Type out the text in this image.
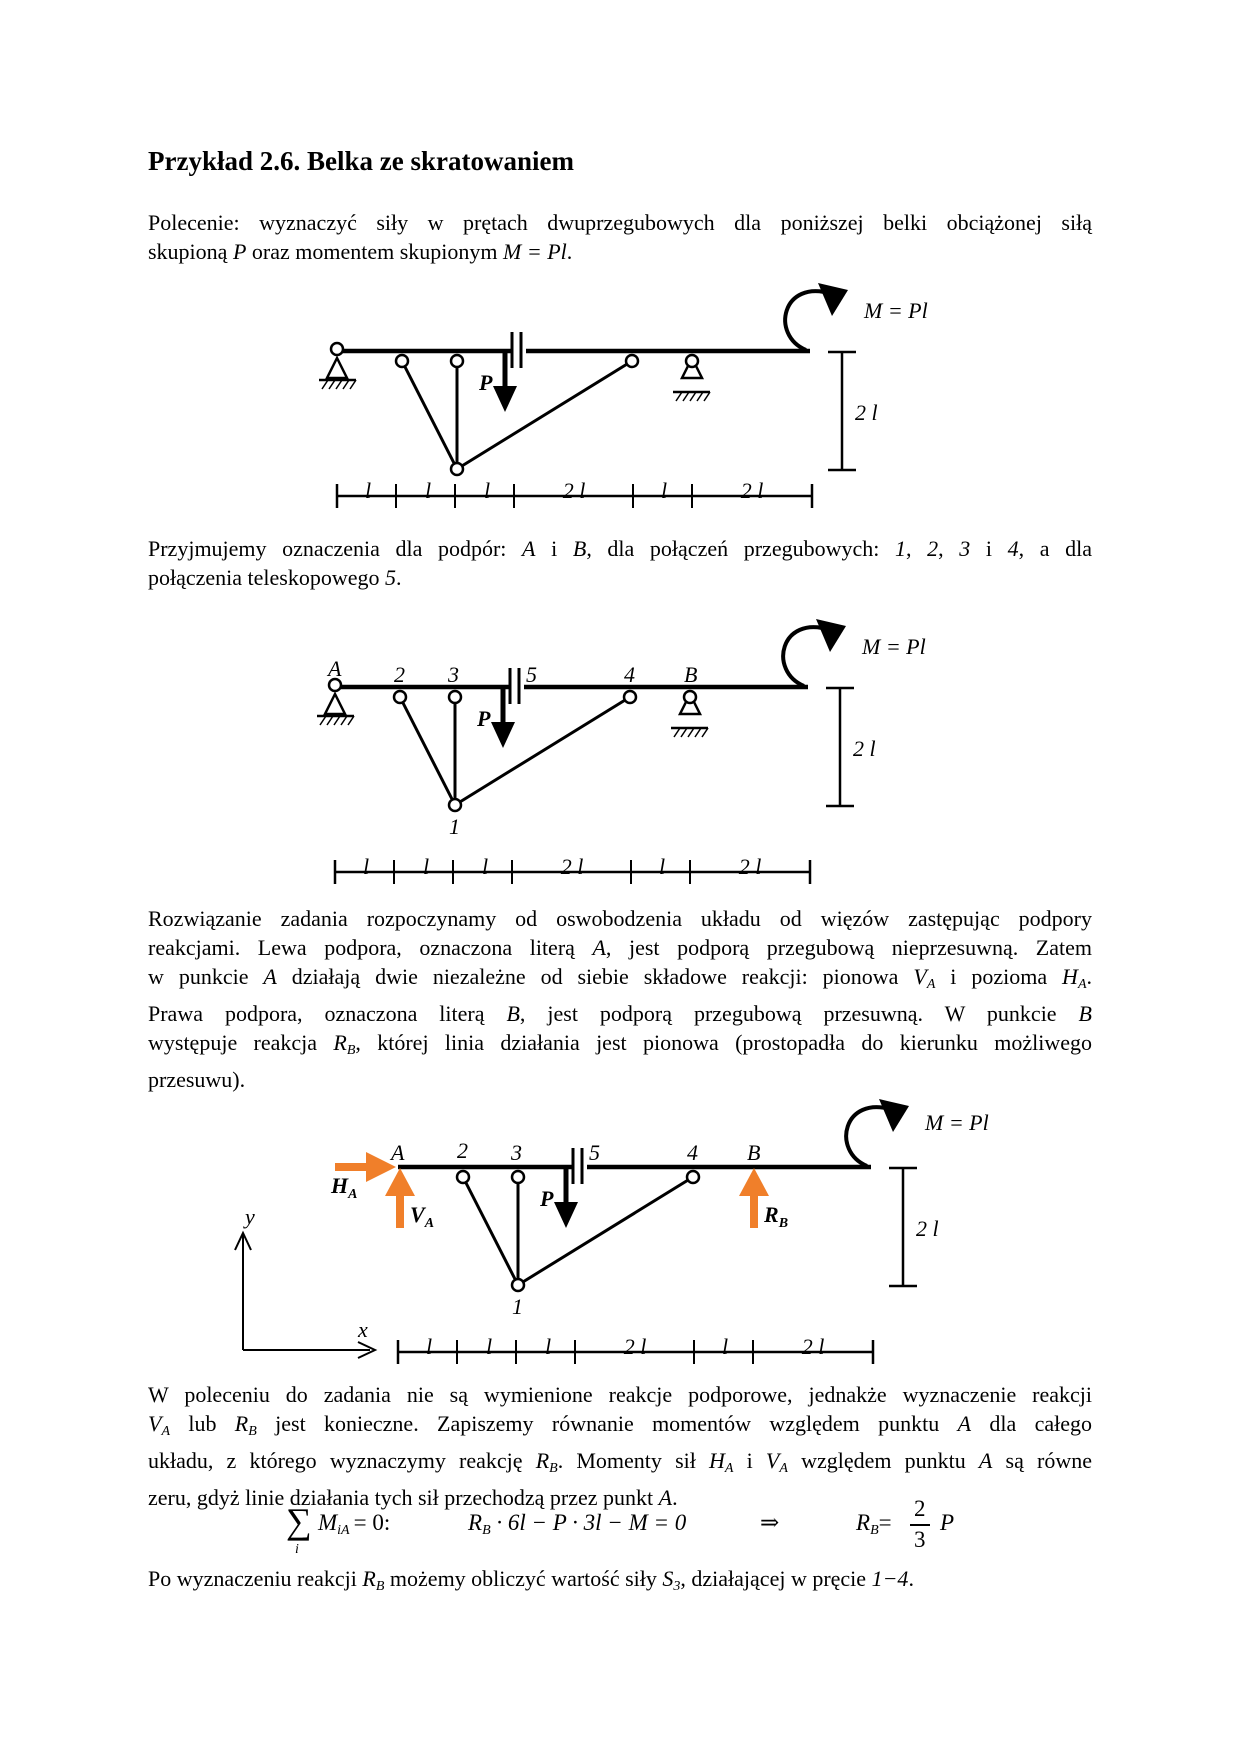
Przykład 2.6. Belka ze skratowaniem

Polecenie: wyznaczyć siły w prętach dwuprzegubowych dla poniższej belki obciążonej siłą
skupioną P oraz momentem skupionym M = Pl.

M = Pl
P
2 l
l l l	2 l	l	2 l

Przyjmujemy oznaczenia dla podpór: A i B, dla połączeń przegubowych: 1, 2, 3 i 4, a dla
połączenia teleskopowego 5.

A 2 3	5	4 B
1
M = Pl
P
2 l
l l l	2 l	l	2 l

Rozwiązanie zadania rozpoczynamy od oswobodzenia układu od więzów zastępując podpory
reakcjami. Lewa podpora, oznaczona literą A, jest podporą przegubową nieprzesuwną. Zatem
w punkcie A działają dwie niezależne od siebie składowe reakcji: pionowa $V_A$ i pozioma $H_A$.
Prawa podpora, oznaczona literą B, jest podporą przegubową przesuwną. W punkcie B
występuje reakcja $R_B$, której linia działania jest pionowa (prostopadła do kierunku możliwego
przesuwu).

A 2 3	5	4 B
1
$H_A$
$V_A$	$R_B$
x
y
M = Pl
P
2 l
l l l	2 l	l	2 l

W poleceniu do zadania nie są wymienione reakcje podporowe, jednakże wyznaczenie reakcji
$V_A$ lub $R_B$ jest konieczne. Zapiszemy równanie momentów względem punktu A dla całego
układu, z którego wyznaczymy reakcję $R_B$. Momenty sił $H_A$ i $V_A$ względem punktu A są równe
zeru, gdyż linie działania tych sił przechodzą przez punkt A.

∑
i
$M_{iA} = 0$:	$R_B \cdot 6l - P \cdot 3l - M = 0$	⇒	$R_B$ =
2
3
P

Po wyznaczeniu reakcji $R_B$ możemy obliczyć wartość siły $S_3$, działającej w pręcie 1−4.
